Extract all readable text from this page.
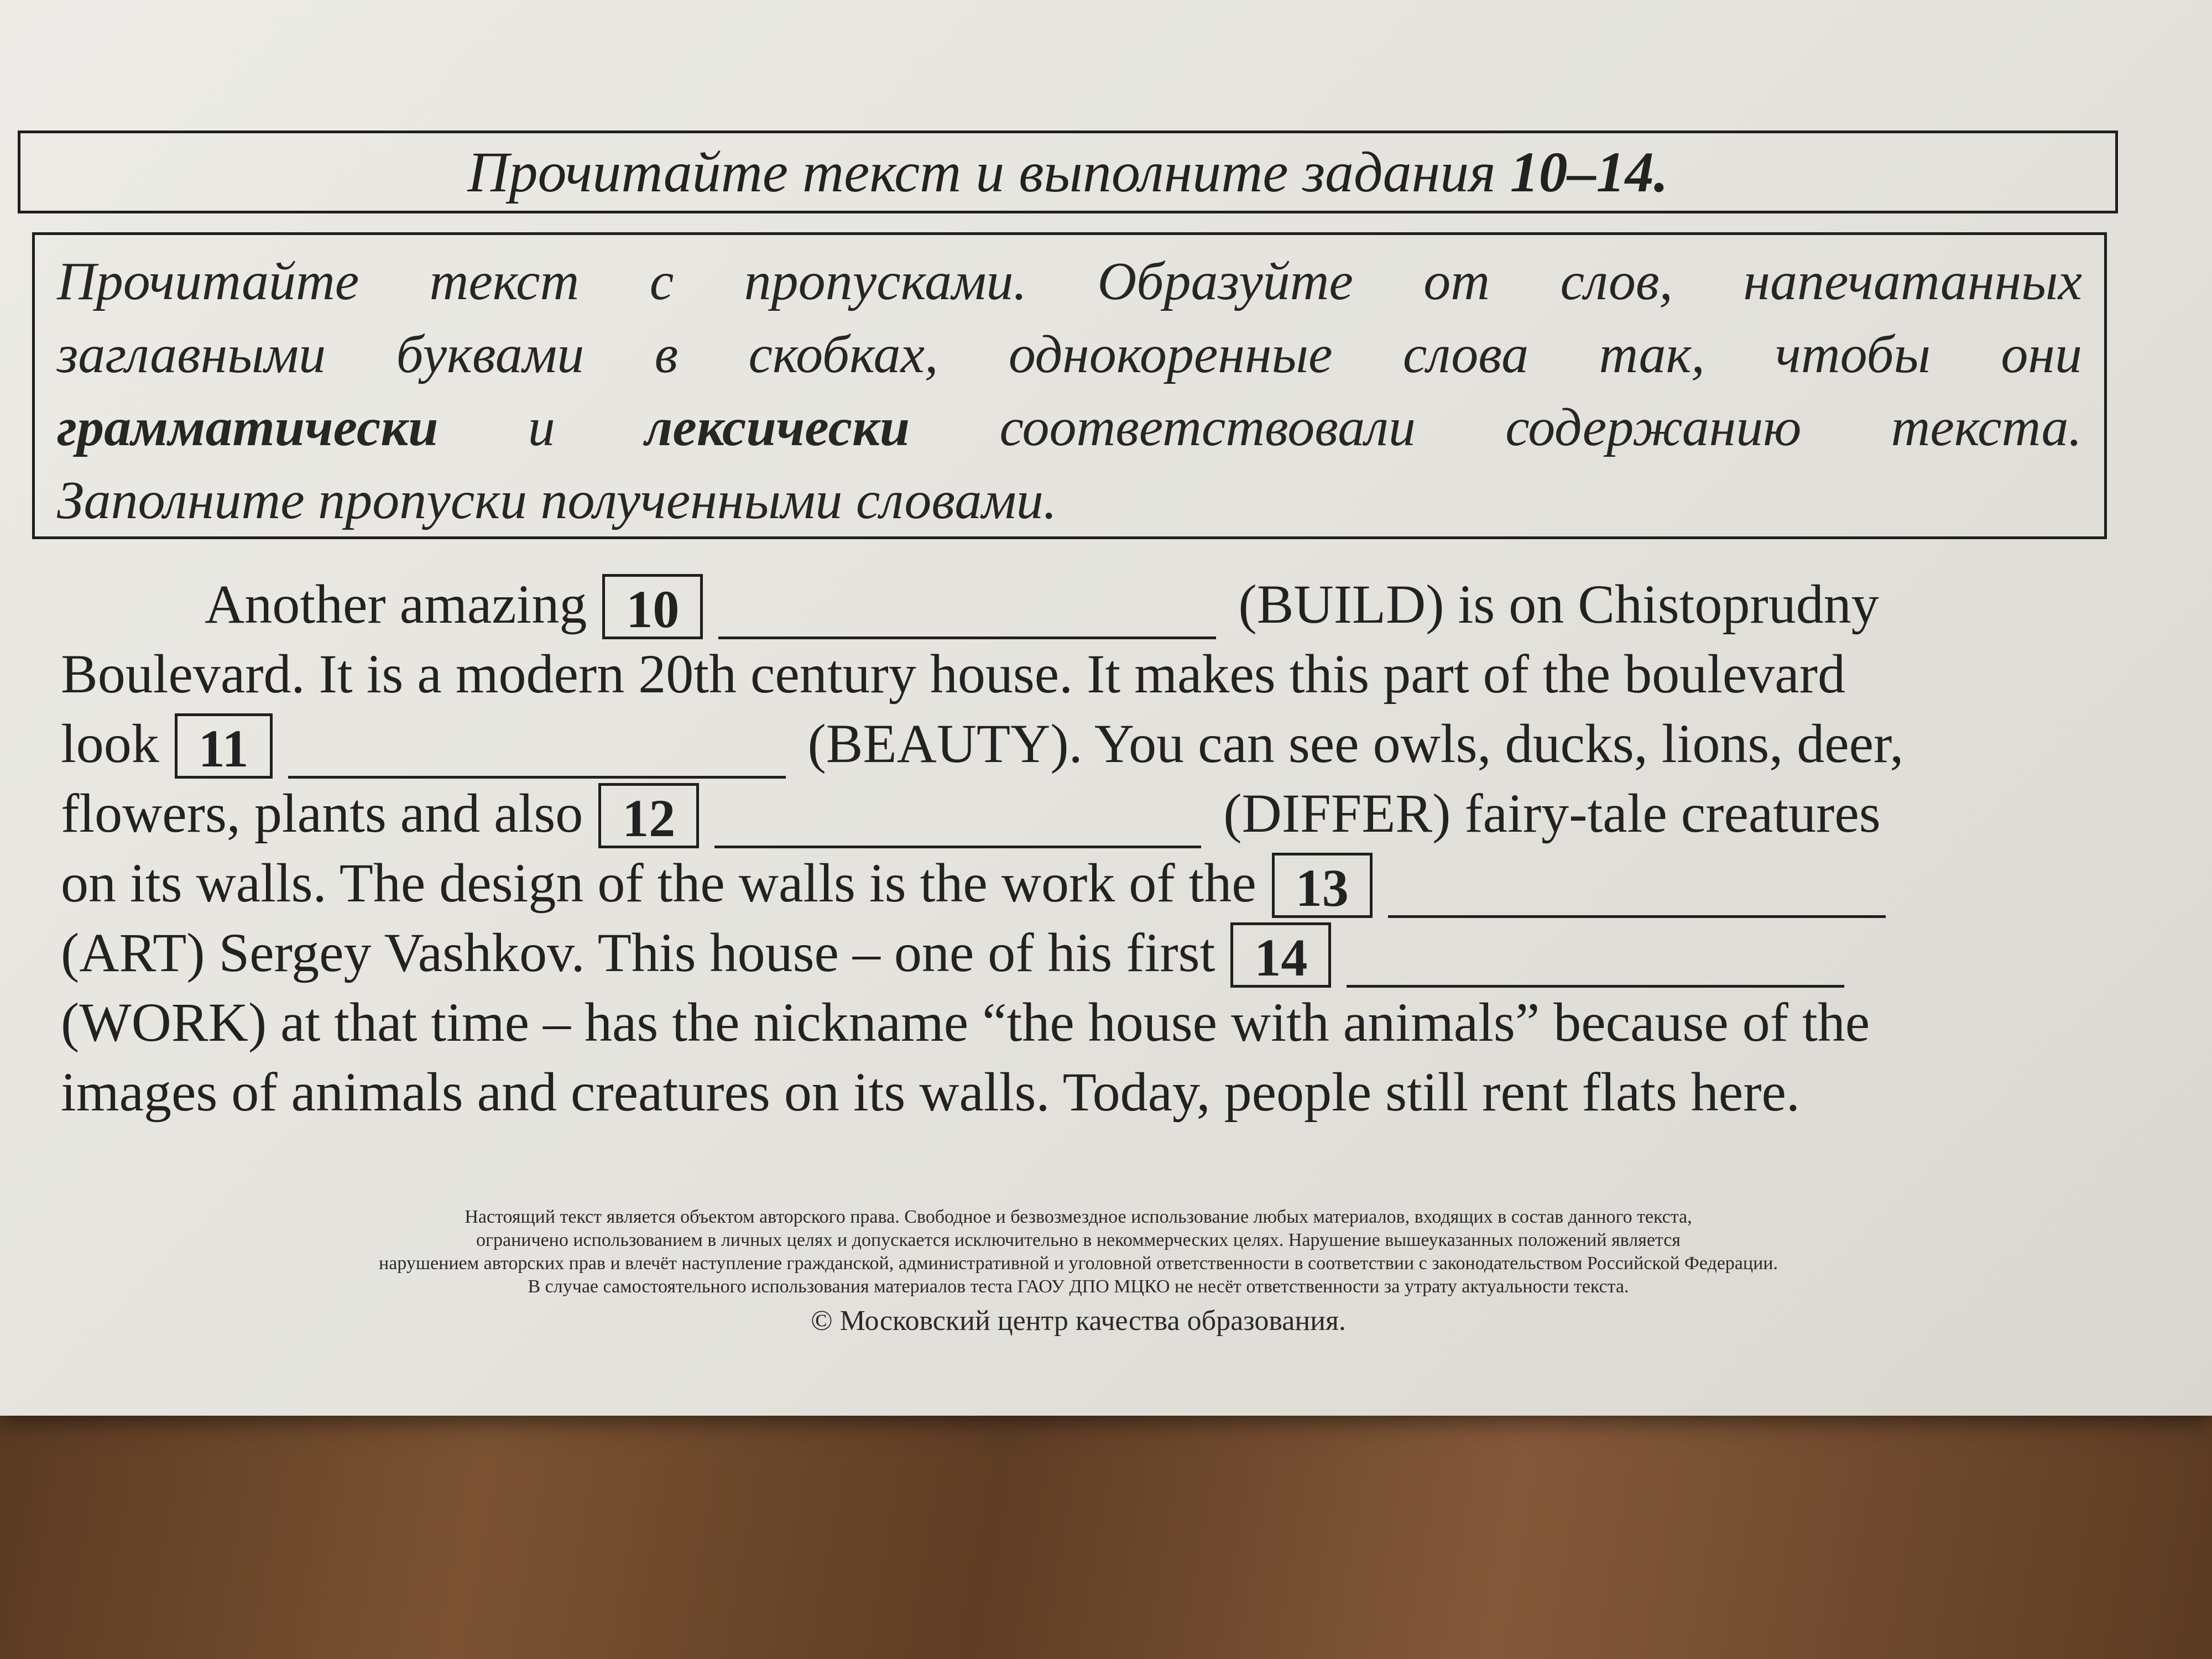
Прочитайте текст и выполните задания 10–14.
Прочитайте текст с пропусками. Образуйте от слов, напечатанных
заглавными буквами в скобках, однокоренные слова так, чтобы они
грамматически и лексически соответствовали содержанию текста.
Заполните пропуски полученными словами.
Another amazing 10	(BUILD) is on Chistoprudny
Boulevard. It is a modern 20th century house. It makes this part of the boulevard
look 11	(BEAUTY). You can see owls, ducks, lions, deer,
flowers, plants and also 12	(DIFFER) fairy-tale creatures
on its walls. The design of the walls is the work of the 13
(ART) Sergey Vashkov. This house – one of his first 14
(WORK) at that time – has the nickname “the house with animals” because of the
images of animals and creatures on its walls. Today, people still rent flats here.
Настоящий текст является объектом авторского права. Свободное и безвозмездное использование любых материалов, входящих в состав данного текста,
ограничено использованием в личных целях и допускается исключительно в некоммерческих целях. Нарушение вышеуказанных положений является
нарушением авторских прав и влечёт наступление гражданской, административной и уголовной ответственности в соответствии с законодательством Российской Федерации.
В случае самостоятельного использования материалов теста ГАОУ ДПО МЦКО не несёт ответственности за утрату актуальности текста.
© Московский центр качества образования.
